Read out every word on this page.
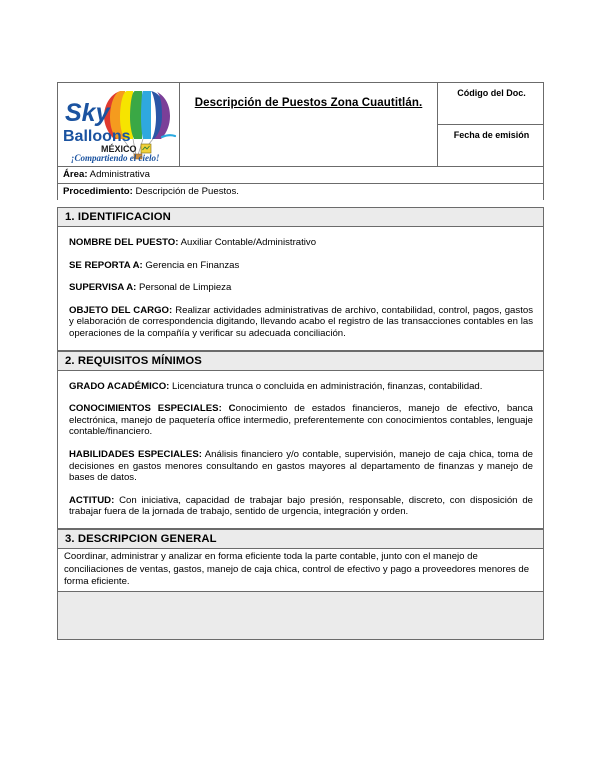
Sky
Balloons
MÉXICO
¡Compartiendo el cielo!
Descripción de Puestos Zona Cuautitlán.
Código del Doc.
Fecha de emisión
Área: Administrativa
Procedimiento: Descripción de Puestos.
1. IDENTIFICACION

NOMBRE DEL PUESTO: Auxiliar Contable/Administrativo

SE REPORTA A: Gerencia en Finanzas

SUPERVISA A: Personal de Limpieza

OBJETO DEL CARGO: Realizar actividades administrativas de archivo, contabilidad, control, pagos, gastos y elaboración de correspondencia digitando, llevando acabo el registro de las transacciones contables en las operaciones de la compañía y verificar su adecuada conciliación.

2. REQUISITOS MÍNIMOS

GRADO ACADÉMICO: Licenciatura trunca o concluida en administración, finanzas, contabilidad.

CONOCIMIENTOS ESPECIALES: Conocimiento de estados financieros, manejo de efectivo, banca electrónica, manejo de paquetería office intermedio, preferentemente con conocimientos contables, lenguaje contable/financiero.

HABILIDADES ESPECIALES: Análisis financiero y/o contable, supervisión, manejo de caja chica, toma de decisiones en gastos menores consultando en gastos mayores al departamento de finanzas y manejo de bases de datos.

ACTITUD: Con iniciativa, capacidad de trabajar bajo presión, responsable, discreto, con disposición de trabajar fuera de la jornada de trabajo, sentido de urgencia, integración y orden.

3. DESCRIPCION GENERAL

Coordinar, administrar y analizar en forma eficiente toda la parte contable, junto con el manejo de conciliaciones de ventas, gastos, manejo de caja chica, control de efectivo y pago a proveedores menores de forma eficiente.
